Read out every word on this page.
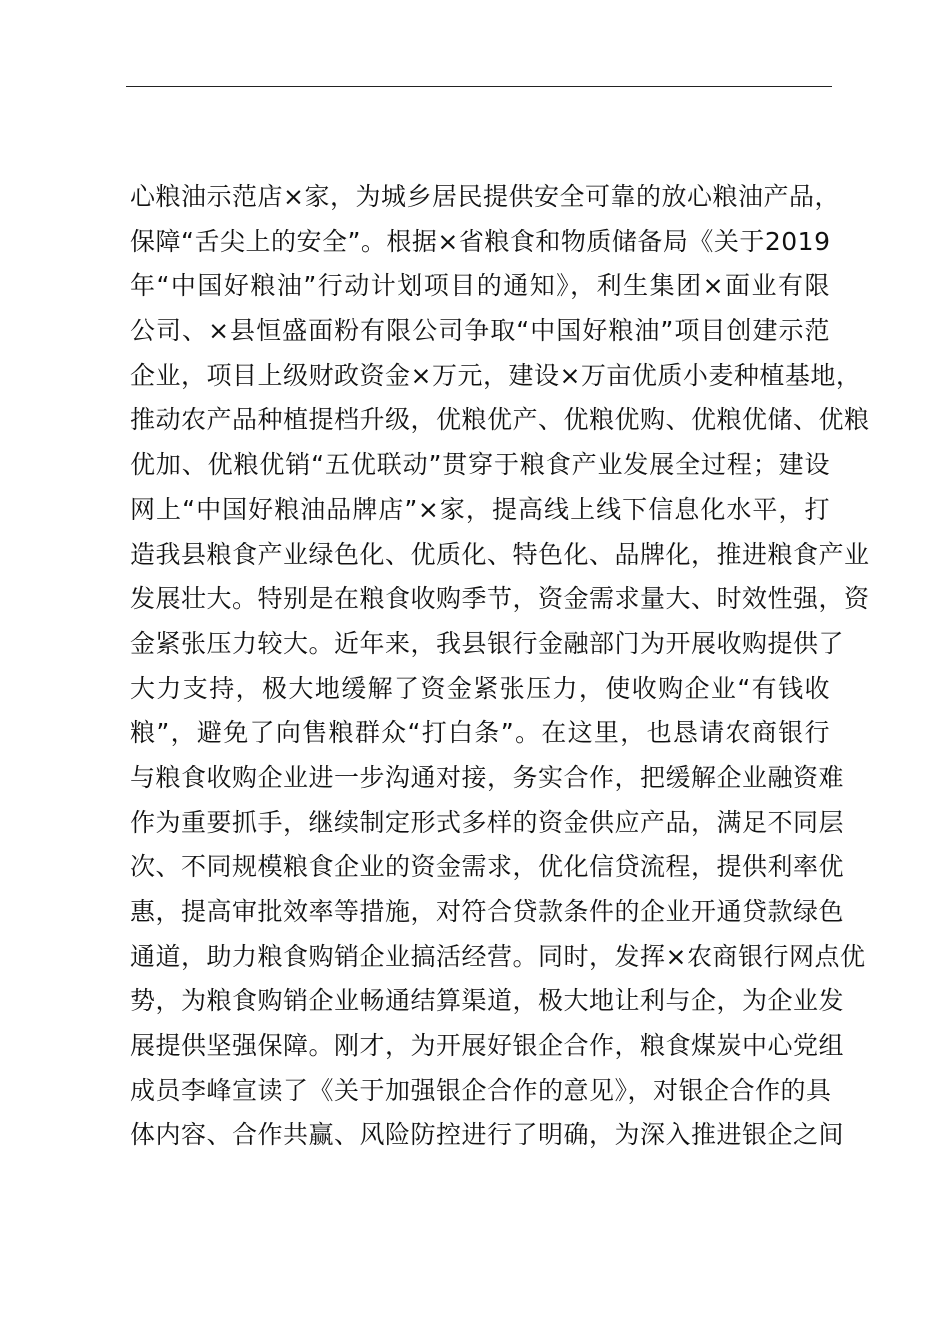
心粮油示范店×家，为城乡居民提供安全可靠的放心粮油产品，
保障“舌尖上的安全”。根据×省粮食和物质储备局《关于2019
年“中国好粮油”行动计划项目的通知》，利生集团×面业有限
公司、×县恒盛面粉有限公司争取“中国好粮油”项目创建示范
企业，项目上级财政资金×万元，建设×万亩优质小麦种植基地，
推动农产品种植提档升级，优粮优产、优粮优购、优粮优储、优粮
优加、优粮优销“五优联动”贯穿于粮食产业发展全过程；建设
网上“中国好粮油品牌店”×家，提高线上线下信息化水平，打
造我县粮食产业绿色化、优质化、特色化、品牌化，推进粮食产业
发展壮大。特别是在粮食收购季节，资金需求量大、时效性强，资
金紧张压力较大。近年来，我县银行金融部门为开展收购提供了
大力支持，极大地缓解了资金紧张压力，使收购企业“有钱收
粮”，避免了向售粮群众“打白条”。在这里，也恳请农商银行
与粮食收购企业进一步沟通对接，务实合作，把缓解企业融资难
作为重要抓手，继续制定形式多样的资金供应产品，满足不同层
次、不同规模粮食企业的资金需求，优化信贷流程，提供利率优
惠，提高审批效率等措施，对符合贷款条件的企业开通贷款绿色
通道，助力粮食购销企业搞活经营。同时，发挥×农商银行网点优
势，为粮食购销企业畅通结算渠道，极大地让利与企，为企业发
展提供坚强保障。刚才，为开展好银企合作，粮食煤炭中心党组
成员李峰宣读了《关于加强银企合作的意见》，对银企合作的具
体内容、合作共赢、风险防控进行了明确，为深入推进银企之间
